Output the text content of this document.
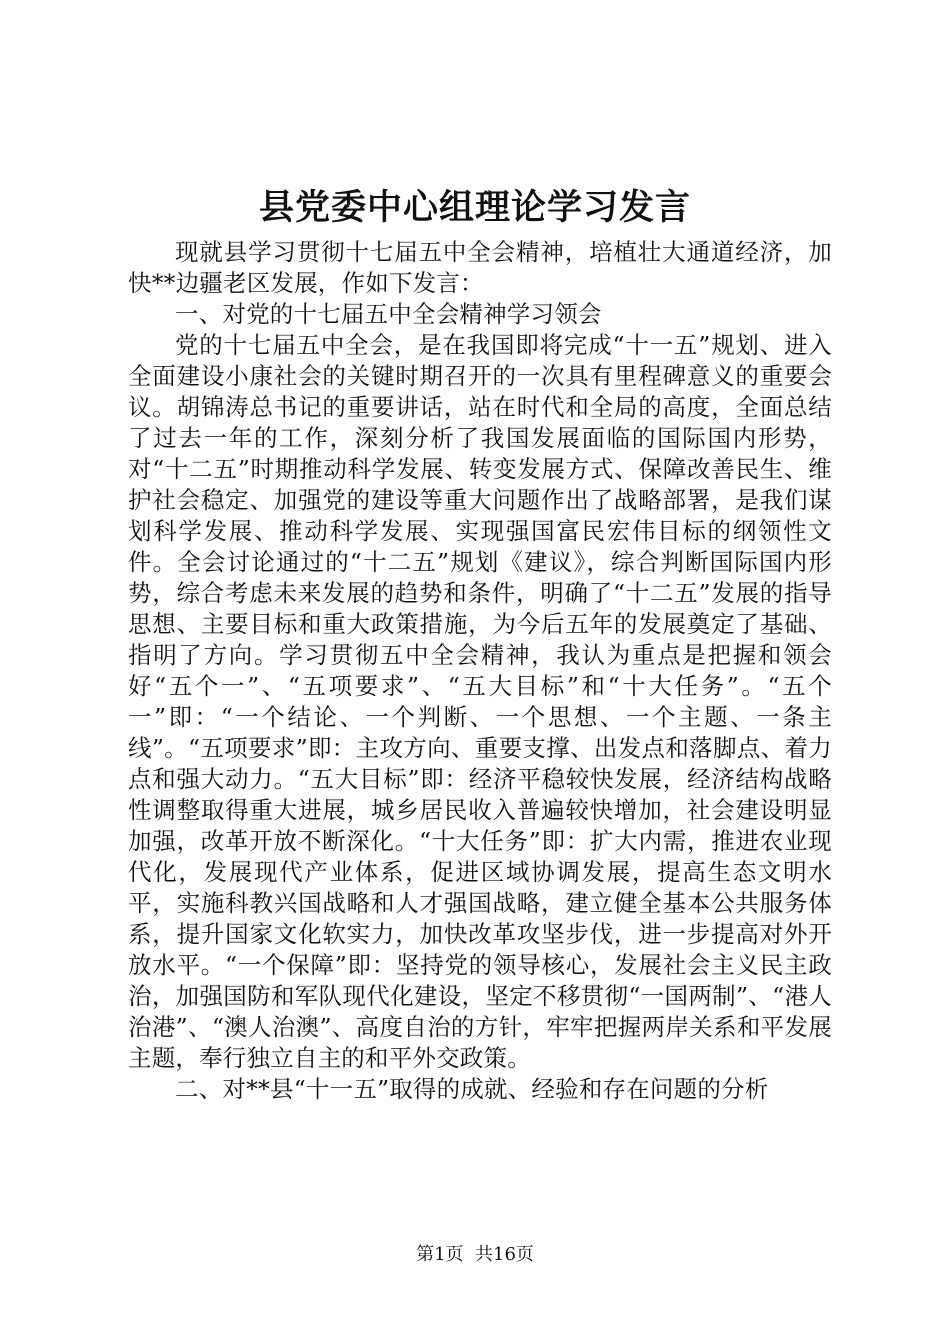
县党委中心组理论学习发言

现就县学习贯彻十七届五中全会精神，培植壮大通道经济，加快**边疆老区发展，作如下发言：

一、对党的十七届五中全会精神学习领会

党的十七届五中全会，是在我国即将完成“十一五”规划、进入全面建设小康社会的关键时期召开的一次具有里程碑意义的重要会议。胡锦涛总书记的重要讲话，站在时代和全局的高度，全面总结了过去一年的工作，深刻分析了我国发展面临的国际国内形势，对“十二五”时期推动科学发展、转变发展方式、保障改善民生、维护社会稳定、加强党的建设等重大问题作出了战略部署，是我们谋划科学发展、推动科学发展、实现强国富民宏伟目标的纲领性文件。全会讨论通过的“十二五”规划《建议》，综合判断国际国内形势，综合考虑未来发展的趋势和条件，明确了“十二五”发展的指导思想、主要目标和重大政策措施，为今后五年的发展奠定了基础、指明了方向。学习贯彻五中全会精神，我认为重点是把握和领会好“五个一”、“五项要求”、“五大目标”和“十大任务”。“五个一”即：“一个结论、一个判断、一个思想、一个主题、一条主线”。“五项要求”即：主攻方向、重要支撑、出发点和落脚点、着力点和强大动力。“五大目标”即：经济平稳较快发展，经济结构战略性调整取得重大进展，城乡居民收入普遍较快增加，社会建设明显加强，改革开放不断深化。“十大任务”即：扩大内需，推进农业现代化，发展现代产业体系，促进区域协调发展，提高生态文明水平，实施科教兴国战略和人才强国战略，建立健全基本公共服务体系，提升国家文化软实力，加快改革攻坚步伐，进一步提高对外开放水平。“一个保障”即：坚持党的领导核心，发展社会主义民主政治，加强国防和军队现代化建设，坚定不移贯彻“一国两制”、“港人治港”、“澳人治澳”、高度自治的方针，牢牢把握两岸关系和平发展主题，奉行独立自主的和平外交政策。

二、对**县“十一五”取得的成就、经验和存在问题的分析

第1页 共16页
